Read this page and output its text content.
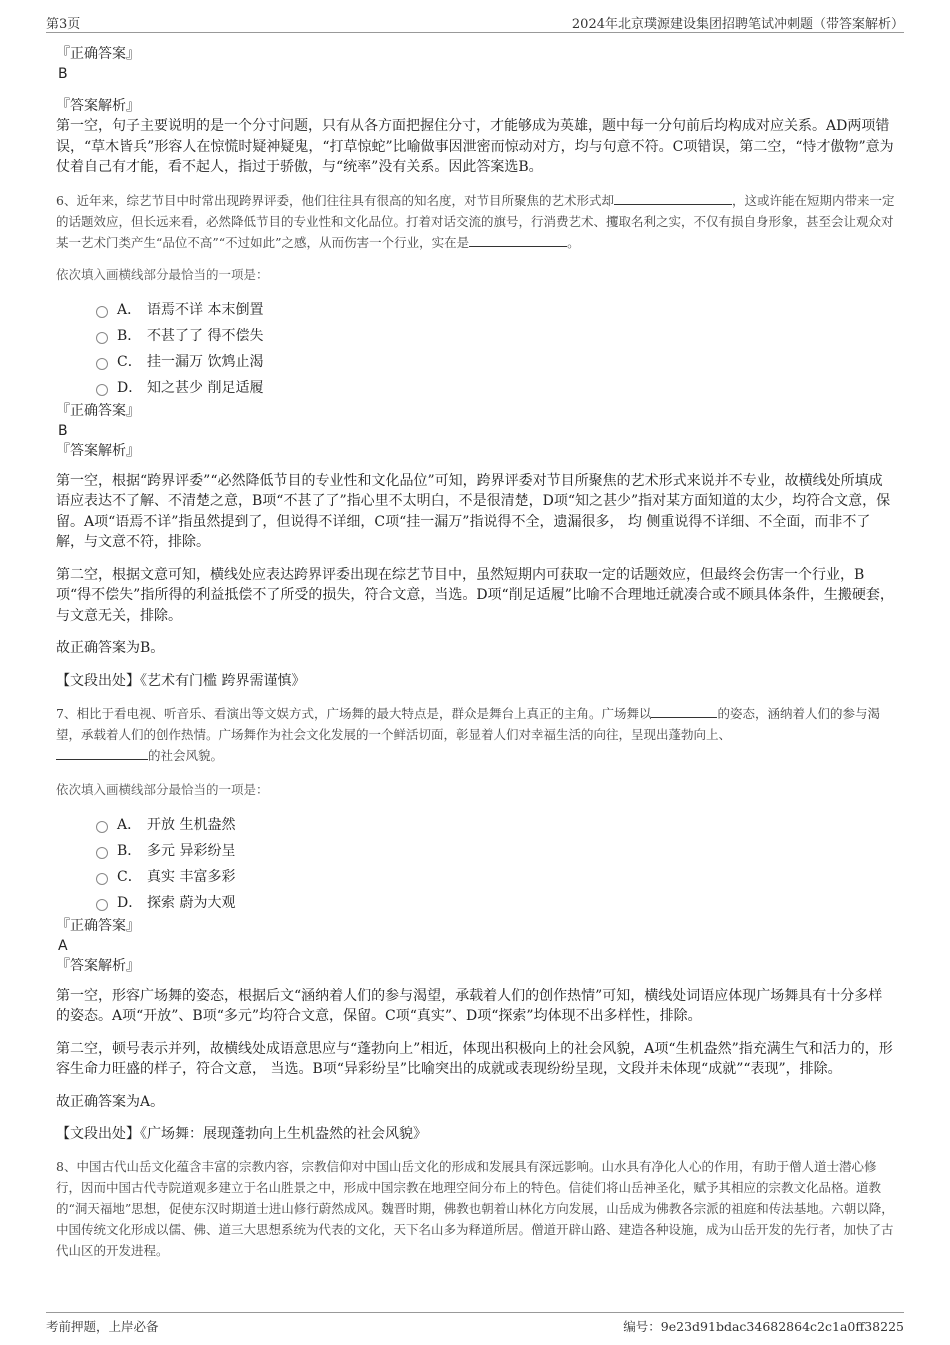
第3页	2024年北京璞源建设集团招聘笔试冲刺题（带答案解析）

『正确答案』

B

『答案解析』

第一空，句子主要说明的是一个分寸问题，只有从各方面把握住分寸，才能够成为英雄，题中每一分句前后均构成对应关系。AD两项错误，“草木皆兵”形容人在惊慌时疑神疑鬼，“打草惊蛇”比喻做事因泄密而惊动对方，均与句意不符。C项错误，第二空，“恃才傲物”意为仗着自己有才能，看不起人，指过于骄傲，与“统率”没有关系。因此答案选B。

6、近年来，综艺节目中时常出现跨界评委，他们往往具有很高的知名度，对节目所聚焦的艺术形式却	，这或许能在短期内带来一定的话题效应，但长远来看，必然降低节目的专业性和文化品位。打着对话交流的旗号，行消费艺术、攫取名利之实，不仅有损自身形象，甚至会让观众对某一艺术门类产生“品位不高”“不过如此”之感，从而伤害一个行业，实在是	。

依次填入画横线部分最恰当的一项是：

A． 语焉不详 本末倒置
B． 不甚了了 得不偿失
C． 挂一漏万 饮鸩止渴
D． 知之甚少 削足适履

『正确答案』

B

『答案解析』

第一空，根据“跨界评委”“必然降低节目的专业性和文化品位”可知，跨界评委对节目所聚焦的艺术形式来说并不专业，故横线处所填成语应表达不了解、不清楚之意，B项“不甚了了”指心里不太明白，不是很清楚，D项“知之甚少”指对某方面知道的太少，均符合文意，保留。A项“语焉不详”指虽然提到了，但说得不详细，C项“挂一漏万”指说得不全，遗漏很多， 均 侧重说得不详细、不全面，而非不了解，与文意不符，排除。

第二空，根据文意可知，横线处应表达跨界评委出现在综艺节目中，虽然短期内可获取一定的话题效应，但最终会伤害一个行业，B项“得不偿失”指所得的利益抵偿不了所受的损失，符合文意，当选。D项“削足适履”比喻不合理地迁就凑合或不顾具体条件，生搬硬套，与文意无关，排除。

故正确答案为B。

【文段出处】《艺术有门槛 跨界需谨慎》

7、相比于看电视、听音乐、看演出等文娱方式，广场舞的最大特点是，群众是舞台上真正的主角。广场舞以	的姿态，涵纳着人们的参与渴望，承载着人们的创作热情。广场舞作为社会文化发展的一个鲜活切面，彰显着人们对幸福生活的向往，呈现出蓬勃向上、
的社会风貌。

依次填入画横线部分最恰当的一项是：

A． 开放 生机盎然
B． 多元 异彩纷呈
C． 真实 丰富多彩
D． 探索 蔚为大观

『正确答案』

A

『答案解析』

第一空，形容广场舞的姿态，根据后文“涵纳着人们的参与渴望，承载着人们的创作热情”可知，横线处词语应体现广场舞具有十分多样的姿态。A项“开放”、B项“多元”均符合文意，保留。C项“真实”、D项“探索”均体现不出多样性，排除。

第二空，顿号表示并列，故横线处成语意思应与“蓬勃向上”相近，体现出积极向上的社会风貌，A项“生机盎然”指充满生气和活力的，形容生命力旺盛的样子，符合文意， 当选。B项“异彩纷呈”比喻突出的成就或表现纷纷呈现，文段并未体现“成就”“表现”，排除。

故正确答案为A。

【文段出处】《广场舞：展现蓬勃向上生机盎然的社会风貌》

8、中国古代山岳文化蕴含丰富的宗教内容，宗教信仰对中国山岳文化的形成和发展具有深远影响。山水具有净化人心的作用，有助于僧人道士潜心修行，因而中国古代寺院道观多建立于名山胜景之中，形成中国宗教在地理空间分布上的特色。信徒们将山岳神圣化，赋予其相应的宗教文化品格。道教的“洞天福地”思想，促使东汉时期道士进山修行蔚然成风。魏晋时期，佛教也朝着山林化方向发展，山岳成为佛教各宗派的祖庭和传法基地。六朝以降，中国传统文化形成以儒、佛、道三大思想系统为代表的文化，天下名山多为释道所居。僧道开辟山路、建造各种设施，成为山岳开发的先行者，加快了古代山区的开发进程。

考前押题，上岸必备	编号：9e23d91bdac34682864c2c1a0ff38225
